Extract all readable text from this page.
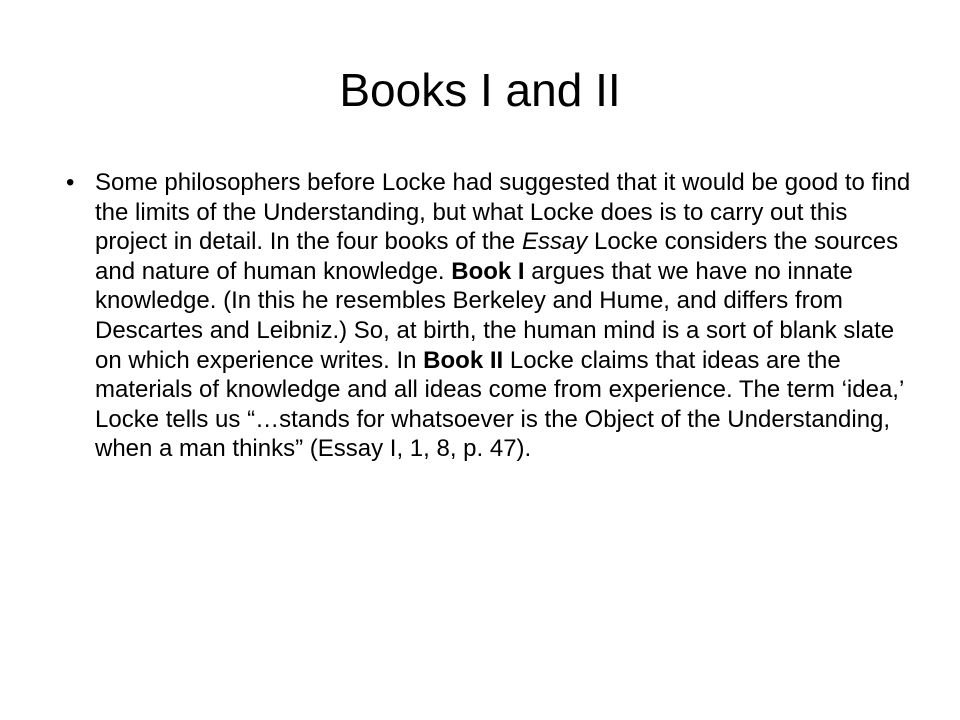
Books I and II
• Some philosophers before Locke had suggested that it would be good to find the limits of the Understanding, but what Locke does is to carry out this project in detail. In the four books of the Essay Locke considers the sources and nature of human knowledge. Book I argues that we have no innate knowledge. (In this he resembles Berkeley and Hume, and differs from Descartes and Leibniz.) So, at birth, the human mind is a sort of blank slate on which experience writes. In Book II Locke claims that ideas are the materials of knowledge and all ideas come from experience. The term ‘idea,’ Locke tells us “…stands for whatsoever is the Object of the Understanding, when a man thinks” (Essay I, 1, 8, p. 47).
